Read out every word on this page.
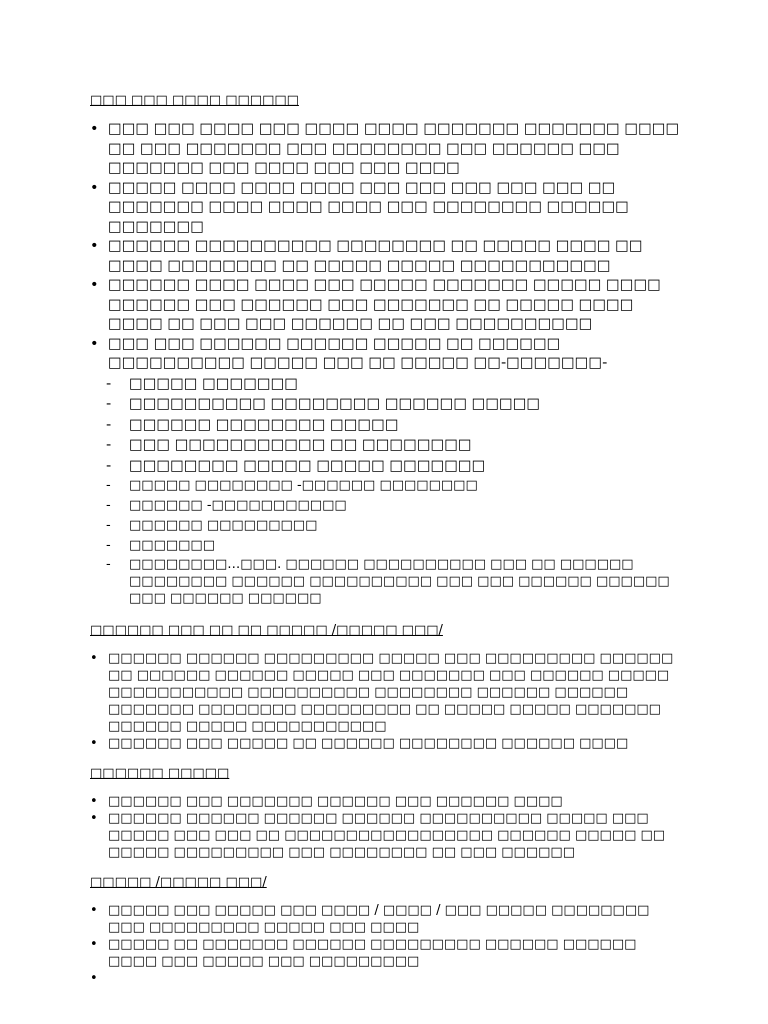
□□□ □□□ □□□□ □□□□□□

• □□□ □□□ □□□□ □□□ □□□□ □□□□ □□□□□□□ □□□□□□□ □□□□ □□ □□□ □□□□□□□ □□□ □□□□□□□□ □□□ □□□□□□ □□□ □□□□□□□ □□□ □□□□ □□□ □□□ □□□□
• □□□□□ □□□□ □□□□ □□□□ □□□ □□□ □□□ □□□ □□□ □□ □□□□□□□ □□□□ □□□□ □□□□ □□□ □□□□□□□□ □□□□□□ □□□□□□□
• □□□□□□ □□□□□□□□□□ □□□□□□□□ □□ □□□□□ □□□□ □□ □□□□ □□□□□□□□ □□ □□□□□ □□□□□ □□□□□□□□□□□
• □□□□□□ □□□□ □□□□ □□□ □□□□□ □□□□□□□ □□□□□ □□□□ □□□□□□ □□□ □□□□□□ □□□ □□□□□□□ □□ □□□□□ □□□□ □□□□ □□ □□□ □□□ □□□□□□ □□ □□□ □□□□□□□□□□
• □□□ □□□ □□□□□□ □□□□□□ □□□□□ □□ □□□□□□ □□□□□□□□□□ □□□□□ □□□ □□ □□□□□ □□-□□□□□□□-
- □□□□□ □□□□□□□
- □□□□□□□□□□ □□□□□□□□ □□□□□□ □□□□□
- □□□□□□ □□□□□□□□ □□□□□
- □□□ □□□□□□□□□□□ □□ □□□□□□□□
- □□□□□□□□ □□□□□ □□□□□ □□□□□□□
- □□□□□ □□□□□□□□ -□□□□□□ □□□□□□□□
- □□□□□□ -□□□□□□□□□□□
- □□□□□□ □□□□□□□□□
- □□□□□□□
- □□□□□□□□…□□□. □□□□□□ □□□□□□□□□□ □□□ □□ □□□□□□ □□□□□□□□ □□□□□□ □□□□□□□□□□ □□□ □□□ □□□□□□ □□□□□□ □□□ □□□□□□ □□□□□□

□□□□□□ □□□ □□ □□ □□□□□ /□□□□□ □□□/

• □□□□□□ □□□□□□ □□□□□□□□□ □□□□□ □□□ □□□□□□□□□ □□□□□□ □□ □□□□□□ □□□□□□ □□□□□ □□□ □□□□□□□ □□□ □□□□□□ □□□□□ □□□□□□□□□□□ □□□□□□□□□□ □□□□□□□□ □□□□□□ □□□□□□ □□□□□□□ □□□□□□□□ □□□□□□□□□ □□ □□□□□ □□□□□ □□□□□□□ □□□□□□ □□□□□ □□□□□□□□□□□
• □□□□□□ □□□ □□□□□ □□ □□□□□□ □□□□□□□□ □□□□□□ □□□□

□□□□□□ □□□□□

• □□□□□□ □□□ □□□□□□□ □□□□□□ □□□ □□□□□□ □□□□
• □□□□□□ □□□□□□ □□□□□□ □□□□□□ □□□□□□□□□□ □□□□□ □□□ □□□□□ □□□ □□□ □□ □□□□□□□□□□□□□□□□□ □□□□□□ □□□□□ □□ □□□□□ □□□□□□□□□ □□□ □□□□□□□□ □□ □□□ □□□□□□

□□□□□ /□□□□□ □□□/

• □□□□□ □□□ □□□□□ □□□ □□□□ / □□□□ / □□□ □□□□□ □□□□□□□□ □□□ □□□□□□□□□ □□□□□ □□□ □□□□
• □□□□□ □□ □□□□□□□ □□□□□□ □□□□□□□□□ □□□□□□ □□□□□□ □□□□ □□□ □□□□□ □□□ □□□□□□□□□
•
